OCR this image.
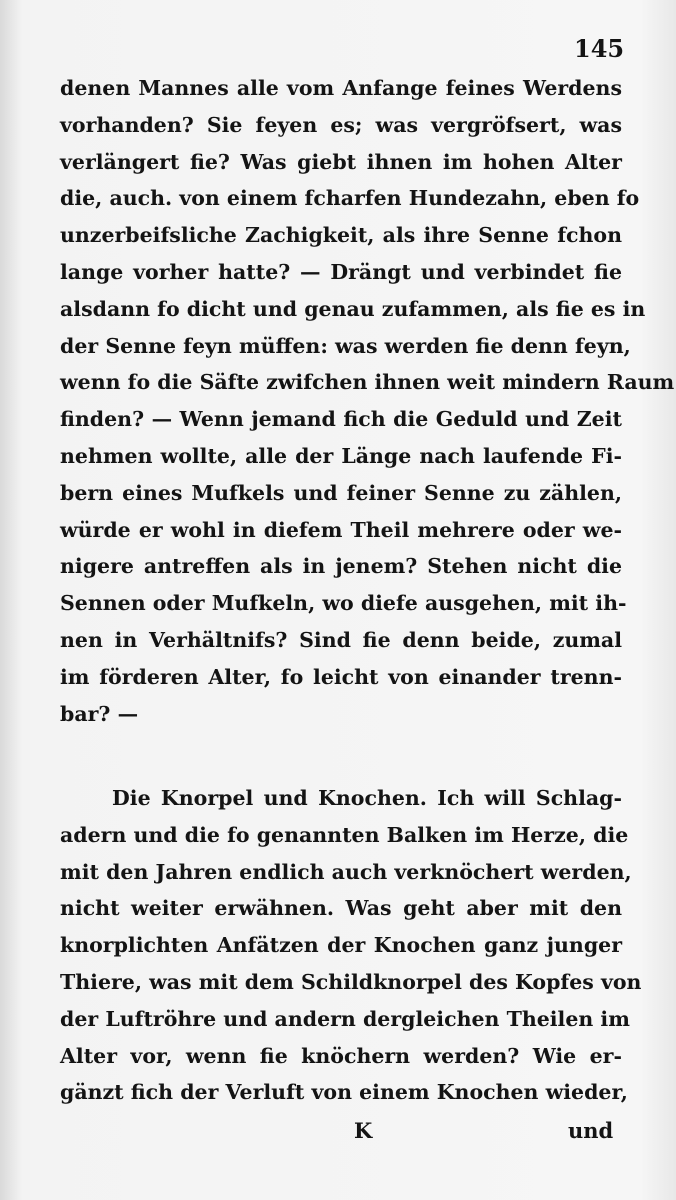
145
denen Mannes alle vom Anfange feines Werdens
vorhanden? Sie feyen es; was vergröfsert, was
verlängert fie? Was giebt ihnen im hohen Alter
die, auch. von einem fcharfen Hundezahn, eben fo
unzerbeifsliche Zachigkeit, als ihre Senne fchon
lange vorher hatte? — Drängt und verbindet fie
alsdann fo dicht und genau zufammen, als fie es in
der Senne feyn müffen: was werden fie denn feyn,
wenn fo die Säfte zwifchen ihnen weit mindern Raum
finden? — Wenn jemand fich die Geduld und Zeit
nehmen wollte, alle der Länge nach laufende Fi-
bern eines Mufkels und feiner Senne zu zählen,
würde er wohl in diefem Theil mehrere oder we-
nigere antreffen als in jenem? Stehen nicht die
Sennen oder Mufkeln, wo diefe ausgehen, mit ih-
nen in Verhältnifs? Sind fie denn beide, zumal
im förderen Alter, fo leicht von einander trenn-
bar? —
Die Knorpel und Knochen. Ich will Schlag-
adern und die fo genannten Balken im Herze, die
mit den Jahren endlich auch verknöchert werden,
nicht weiter erwähnen. Was geht aber mit den
knorplichten Anfätzen der Knochen ganz junger
Thiere, was mit dem Schildknorpel des Kopfes von
der Luftröhre und andern dergleichen Theilen im
Alter vor, wenn fie knöchern werden? Wie er-
gänzt fich der Verluft von einem Knochen wieder,
K	und
